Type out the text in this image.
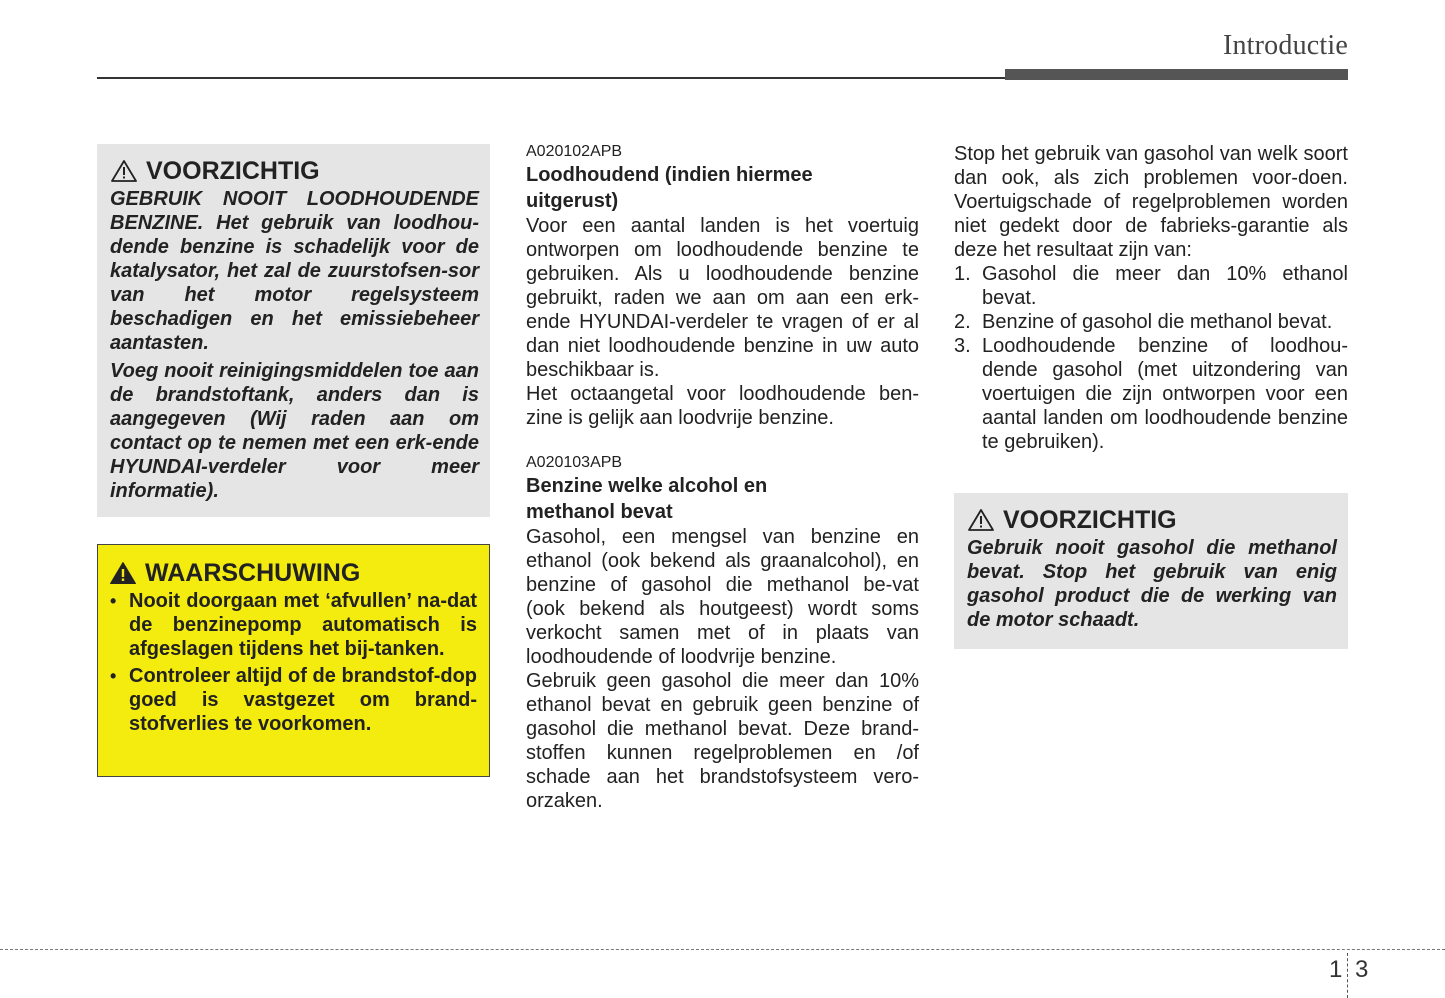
Introductie
VOORZICHTIG

GEBRUIK NOOIT LOODHOUDENDE BENZINE. Het gebruik van loodhou-dende benzine is schadelijk voor de katalysator, het zal de zuurstofsen-sor van het motor regelsysteem beschadigen en het emissiebeheer aantasten.

Voeg nooit reinigingsmiddelen toe aan de brandstoftank, anders dan is aangegeven (Wij raden aan om contact op te nemen met een erk-ende HYUNDAI-verdeler voor meer informatie).

WAARSCHUWING
• Nooit doorgaan met ‘afvullen’ na-dat de benzinepomp automatisch is afgeslagen tijdens het bij-tanken.
• Controleer altijd of de brandstof-dop goed is vastgezet om brand-stofverlies te voorkomen.
A020102APB
Loodhoudend (indien hiermee uitgerust)

Voor een aantal landen is het voertuig ontworpen om loodhoudende benzine te gebruiken. Als u loodhoudende benzine gebruikt, raden we aan om aan een erk-ende HYUNDAI-verdeler te vragen of er al dan niet loodhoudende benzine in uw auto beschikbaar is.

Het octaangetal voor loodhoudende ben-zine is gelijk aan loodvrije benzine.

A020103APB
Benzine welke alcohol en methanol bevat

Gasohol, een mengsel van benzine en ethanol (ook bekend als graanalcohol), en benzine of gasohol die methanol be-vat (ook bekend als houtgeest) wordt soms verkocht samen met of in plaats van loodhoudende of loodvrije benzine.

Gebruik geen gasohol die meer dan 10% ethanol bevat en gebruik geen benzine of gasohol die methanol bevat. Deze brand-stoffen kunnen regelproblemen en /of schade aan het brandstofsysteem vero-orzaken.

Stop het gebruik van gasohol van welk soort dan ook, als zich problemen voor-doen. Voertuigschade of regelproblemen worden niet gedekt door de fabrieks-garantie als deze het resultaat zijn van:

1. Gasohol die meer dan 10% ethanol bevat.
2. Benzine of gasohol die methanol bevat.
3. Loodhoudende benzine of loodhou-dende gasohol (met uitzondering van voertuigen die zijn ontworpen voor een aantal landen om loodhoudende benzine te gebruiken).
VOORZICHTIG

Gebruik nooit gasohol die methanol bevat. Stop het gebruik van enig gasohol product die de werking van de motor schaadt.

1 3
